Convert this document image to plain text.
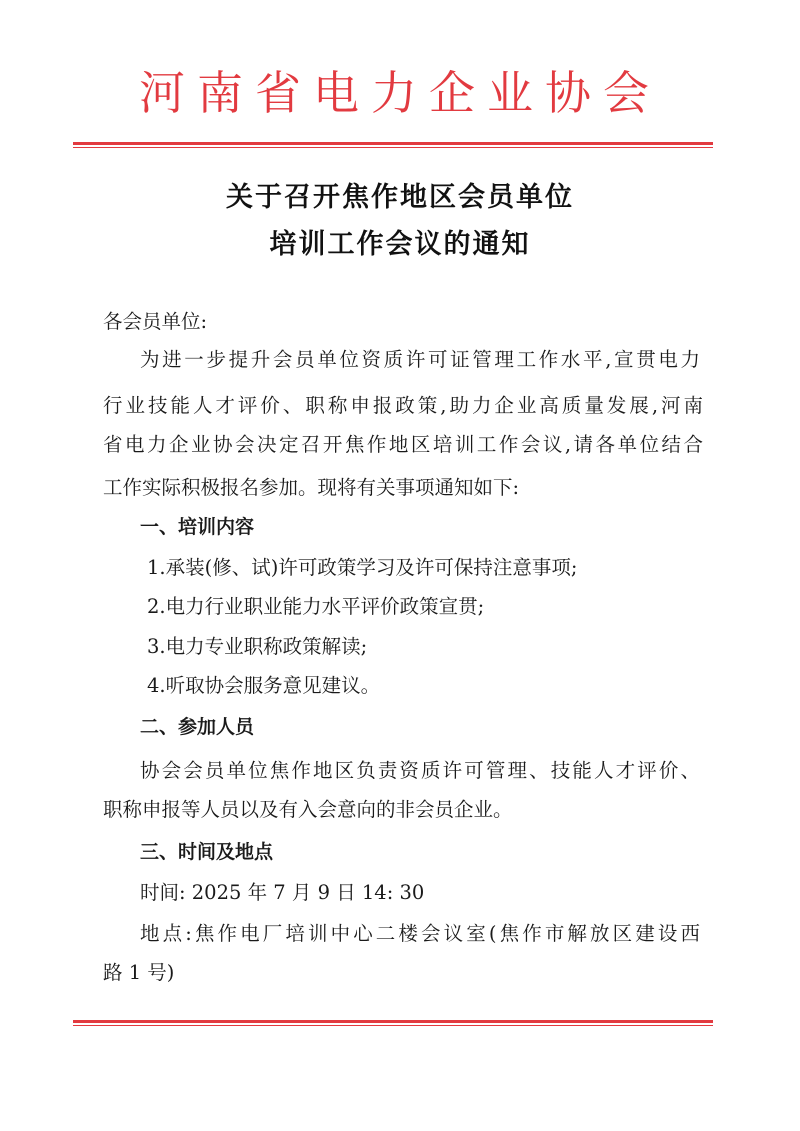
河南省电力企业协会
关于召开焦作地区会员单位
培训工作会议的通知
各会员单位:
为进一步提升会员单位资质许可证管理工作水平,宣贯电力
行业技能人才评价、职称申报政策,助力企业高质量发展,河南
省电力企业协会决定召开焦作地区培训工作会议,请各单位结合
工作实际积极报名参加。现将有关事项通知如下:
一、培训内容
1.承装(修、试)许可政策学习及许可保持注意事项;
2.电力行业职业能力水平评价政策宣贯;
3.电力专业职称政策解读;
4.听取协会服务意见建议。
二、参加人员
协会会员单位焦作地区负责资质许可管理、技能人才评价、
职称申报等人员以及有入会意向的非会员企业。
三、时间及地点
时间: 2025 年 7 月 9 日 14: 30
地点:焦作电厂培训中心二楼会议室(焦作市解放区建设西
路 1 号)
